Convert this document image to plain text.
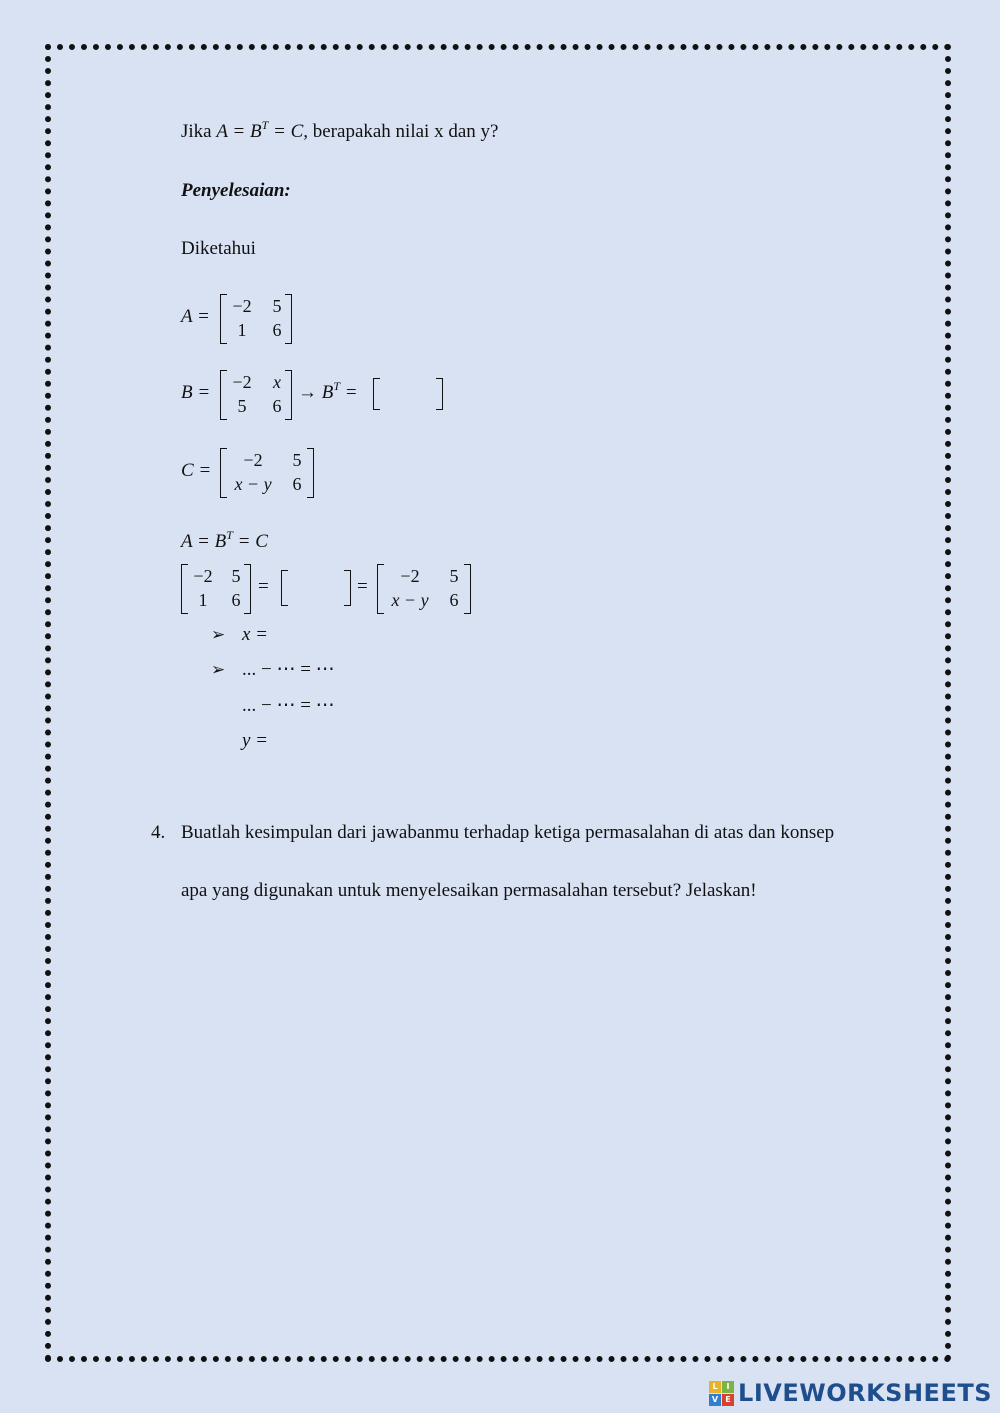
Jika $A = B^T = C$, berapakah nilai x dan y?
Penyelesaian:
Diketahui
A =	−2	5
1	6
B =	−2	x
5	6
→ $B^T$ =
C =	−2	5
x − y	6
$A = B^T = C$
−2	5
1	6
=	=	−2	5
x − y	6
➢ x =
➢ ... − ⋯ = ⋯
... − ⋯ = ⋯
y =
4. Buatlah kesimpulan dari jawabanmu terhadap ketiga permasalahan di atas dan konsep
apa yang digunakan untuk menyelesaikan permasalahan tersebut? Jelaskan!
L	I
V E LIVEWORKSHEETS
